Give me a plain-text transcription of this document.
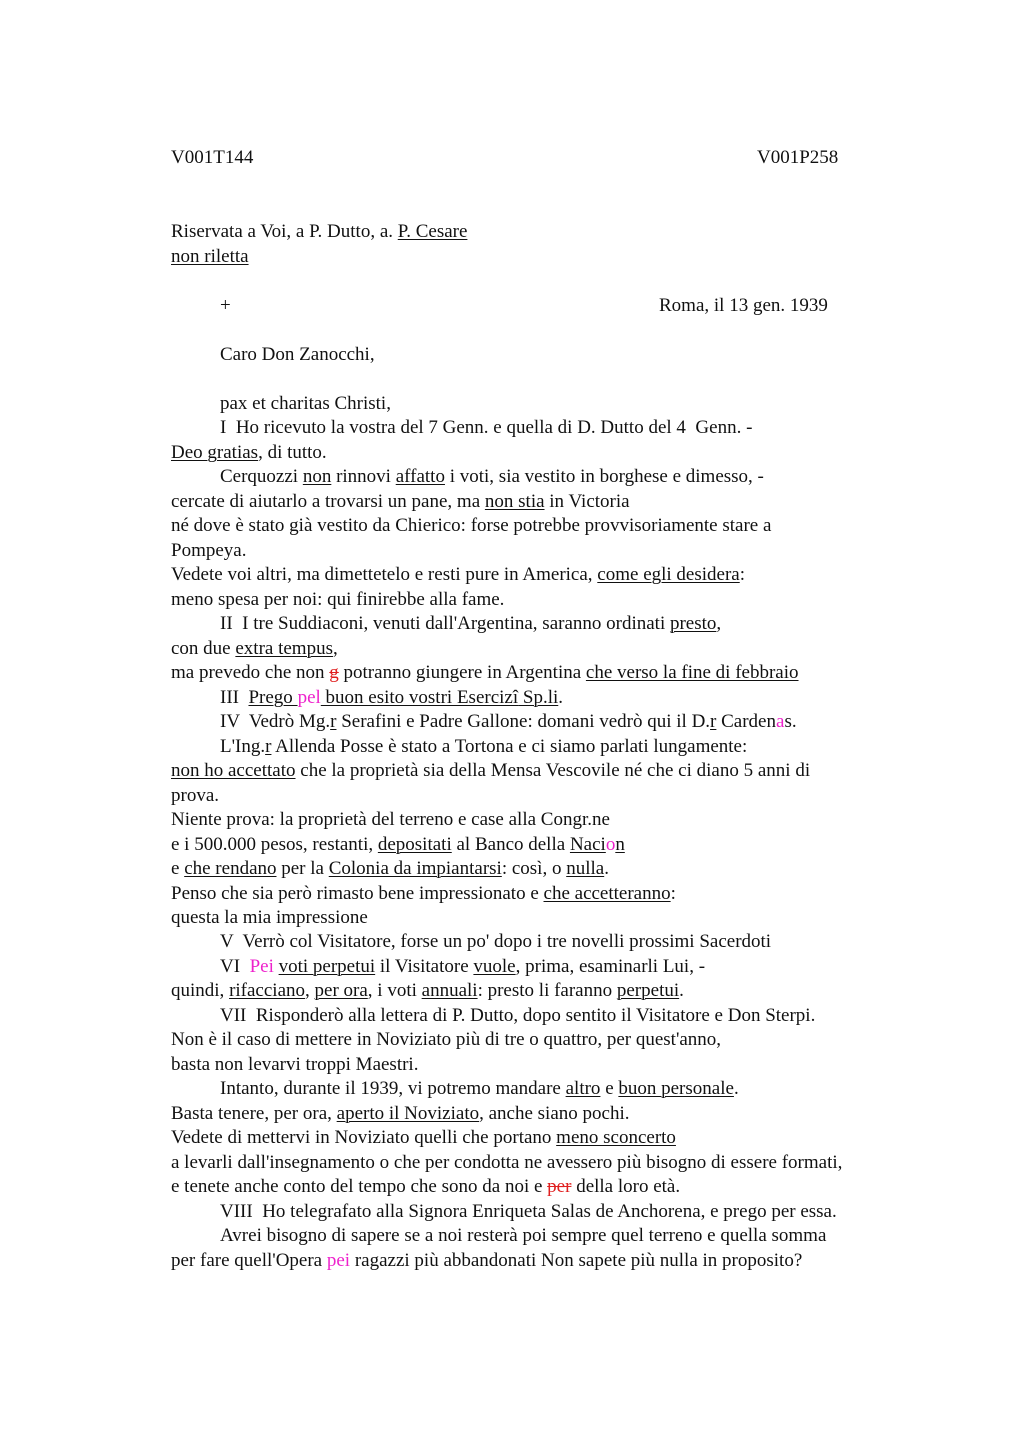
V001T144	V001P258
Riservata a Voi, a P. Dutto, a. P. Cesare
non riletta
+	Roma, il 13 gen. 1939
Caro Don Zanocchi,
pax et charitas Christi,
I  Ho ricevuto la vostra del 7 Genn. e quella di D. Dutto del 4  Genn. -
Deo gratias, di tutto.
Cerquozzi non rinnovi affatto i voti, sia vestito in borghese e dimesso, -
cercate di aiutarlo a trovarsi un pane, ma non stia in Victoria
né dove è stato già vestito da Chierico: forse potrebbe provvisoriamente stare a
Pompeya.
Vedete voi altri, ma dimettetelo e resti pure in America, come egli desidera:
meno spesa per noi: qui finirebbe alla fame.
II  I tre Suddiaconi, venuti dall'Argentina, saranno ordinati presto,
con due extra tempus,
ma prevedo che non g potranno giungere in Argentina che verso la fine di febbraio
III  Prego pel buon esito vostri Esercizi Sp.li.
IV  Vedrò Mg.r Serafini e Padre Gallone: domani vedrò qui il D.r Cardenas.
L'Ing.r Allenda Posse è stato a Tortona e ci siamo parlati lungamente:
non ho accettato che la proprietà sia della Mensa Vescovile né che ci diano 5 anni di
prova.
Niente prova: la proprietà del terreno e case alla Congr.ne
e i 500.000 pesos, restanti, depositati al Banco della Nacion
e che rendano per la Colonia da impiantarsi: così, o nulla.
Penso che sia però rimasto bene impressionato e che accetteranno:
questa la mia impressione
V  Verrò col Visitatore, forse un po' dopo i tre novelli prossimi Sacerdoti
VI  Pei voti perpetui il Visitatore vuole, prima, esaminarli Lui, -
quindi, rifacciano, per ora, i voti annuali: presto li faranno perpetui.
VII  Risponderò alla lettera di P. Dutto, dopo sentito il Visitatore e Don Sterpi.
Non è il caso di mettere in Noviziato più di tre o quattro, per quest'anno,
basta non levarvi troppi Maestri.
Intanto, durante il 1939, vi potremo mandare altro e buon personale.
Basta tenere, per ora, aperto il Noviziato, anche siano pochi.
Vedete di mettervi in Noviziato quelli che portano meno sconcerto
a levarli dall'insegnamento o che per condotta ne avessero più bisogno di essere formati,
e tenete anche conto del tempo che sono da noi e per della loro età.
VIII  Ho telegrafato alla Signora Enriqueta Salas de Anchorena, e prego per essa.
Avrei bisogno di sapere se a noi resterà poi sempre quel terreno e quella somma
per fare quell'Opera pei ragazzi più abbandonati Non sapete più nulla in proposito?
